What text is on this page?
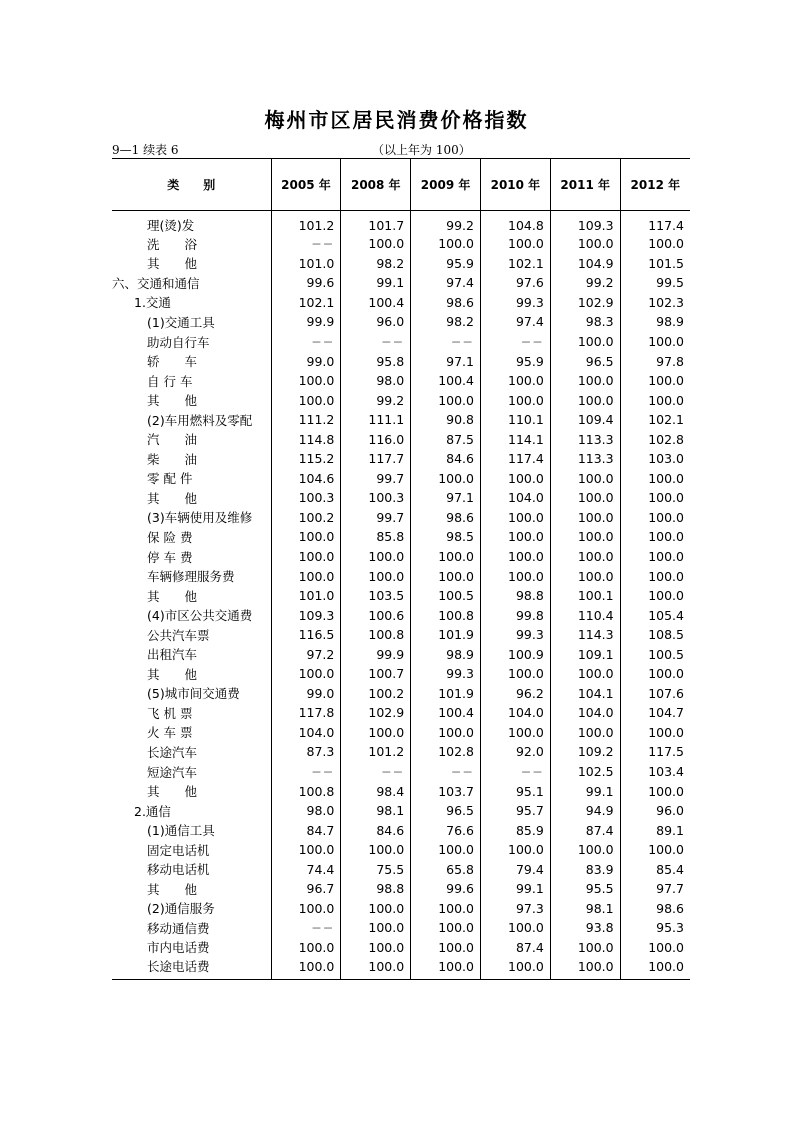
梅州市区居民消费价格指数
9—1 续表 6	（以上年为 100）
类　　别	2005 年	2008 年	2009 年	2010 年	2011 年	2012 年
理(烫)发	101.2	101.7	99.2	104.8	109.3	117.4
洗　　浴	−−	100.0	100.0	100.0	100.0	100.0
其　　他	101.0	98.2	95.9	102.1	104.9	101.5
六、交通和通信	99.6	99.1	97.4	97.6	99.2	99.5
1.交通	102.1	100.4	98.6	99.3	102.9	102.3
(1)交通工具	99.9	96.0	98.2	97.4	98.3	98.9
助动自行车	−−	−−	−−	−−	100.0	100.0
轿　　车	99.0	95.8	97.1	95.9	96.5	97.8
自 行 车	100.0	98.0	100.4	100.0	100.0	100.0
其　　他	100.0	99.2	100.0	100.0	100.0	100.0
(2)车用燃料及零配	111.2	111.1	90.8	110.1	109.4	102.1
汽　　油	114.8	116.0	87.5	114.1	113.3	102.8
柴　　油	115.2	117.7	84.6	117.4	113.3	103.0
零 配 件	104.6	99.7	100.0	100.0	100.0	100.0
其　　他	100.3	100.3	97.1	104.0	100.0	100.0
(3)车辆使用及维修	100.2	99.7	98.6	100.0	100.0	100.0
保 险 费	100.0	85.8	98.5	100.0	100.0	100.0
停 车 费	100.0	100.0	100.0	100.0	100.0	100.0
车辆修理服务费	100.0	100.0	100.0	100.0	100.0	100.0
其　　他	101.0	103.5	100.5	98.8	100.1	100.0
(4)市区公共交通费	109.3	100.6	100.8	99.8	110.4	105.4
公共汽车票	116.5	100.8	101.9	99.3	114.3	108.5
出租汽车	97.2	99.9	98.9	100.9	109.1	100.5
其　　他	100.0	100.7	99.3	100.0	100.0	100.0
(5)城市间交通费	99.0	100.2	101.9	96.2	104.1	107.6
飞 机 票	117.8	102.9	100.4	104.0	104.0	104.7
火 车 票	104.0	100.0	100.0	100.0	100.0	100.0
长途汽车	87.3	101.2	102.8	92.0	109.2	117.5
短途汽车	−−	−−	−−	−−	102.5	103.4
其　　他	100.8	98.4	103.7	95.1	99.1	100.0
2.通信	98.0	98.1	96.5	95.7	94.9	96.0
(1)通信工具	84.7	84.6	76.6	85.9	87.4	89.1
固定电话机	100.0	100.0	100.0	100.0	100.0	100.0
移动电话机	74.4	75.5	65.8	79.4	83.9	85.4
其　　他	96.7	98.8	99.6	99.1	95.5	97.7
(2)通信服务	100.0	100.0	100.0	97.3	98.1	98.6
移动通信费	−−	100.0	100.0	100.0	93.8	95.3
市内电话费	100.0	100.0	100.0	87.4	100.0	100.0
长途电话费	100.0	100.0	100.0	100.0	100.0	100.0
